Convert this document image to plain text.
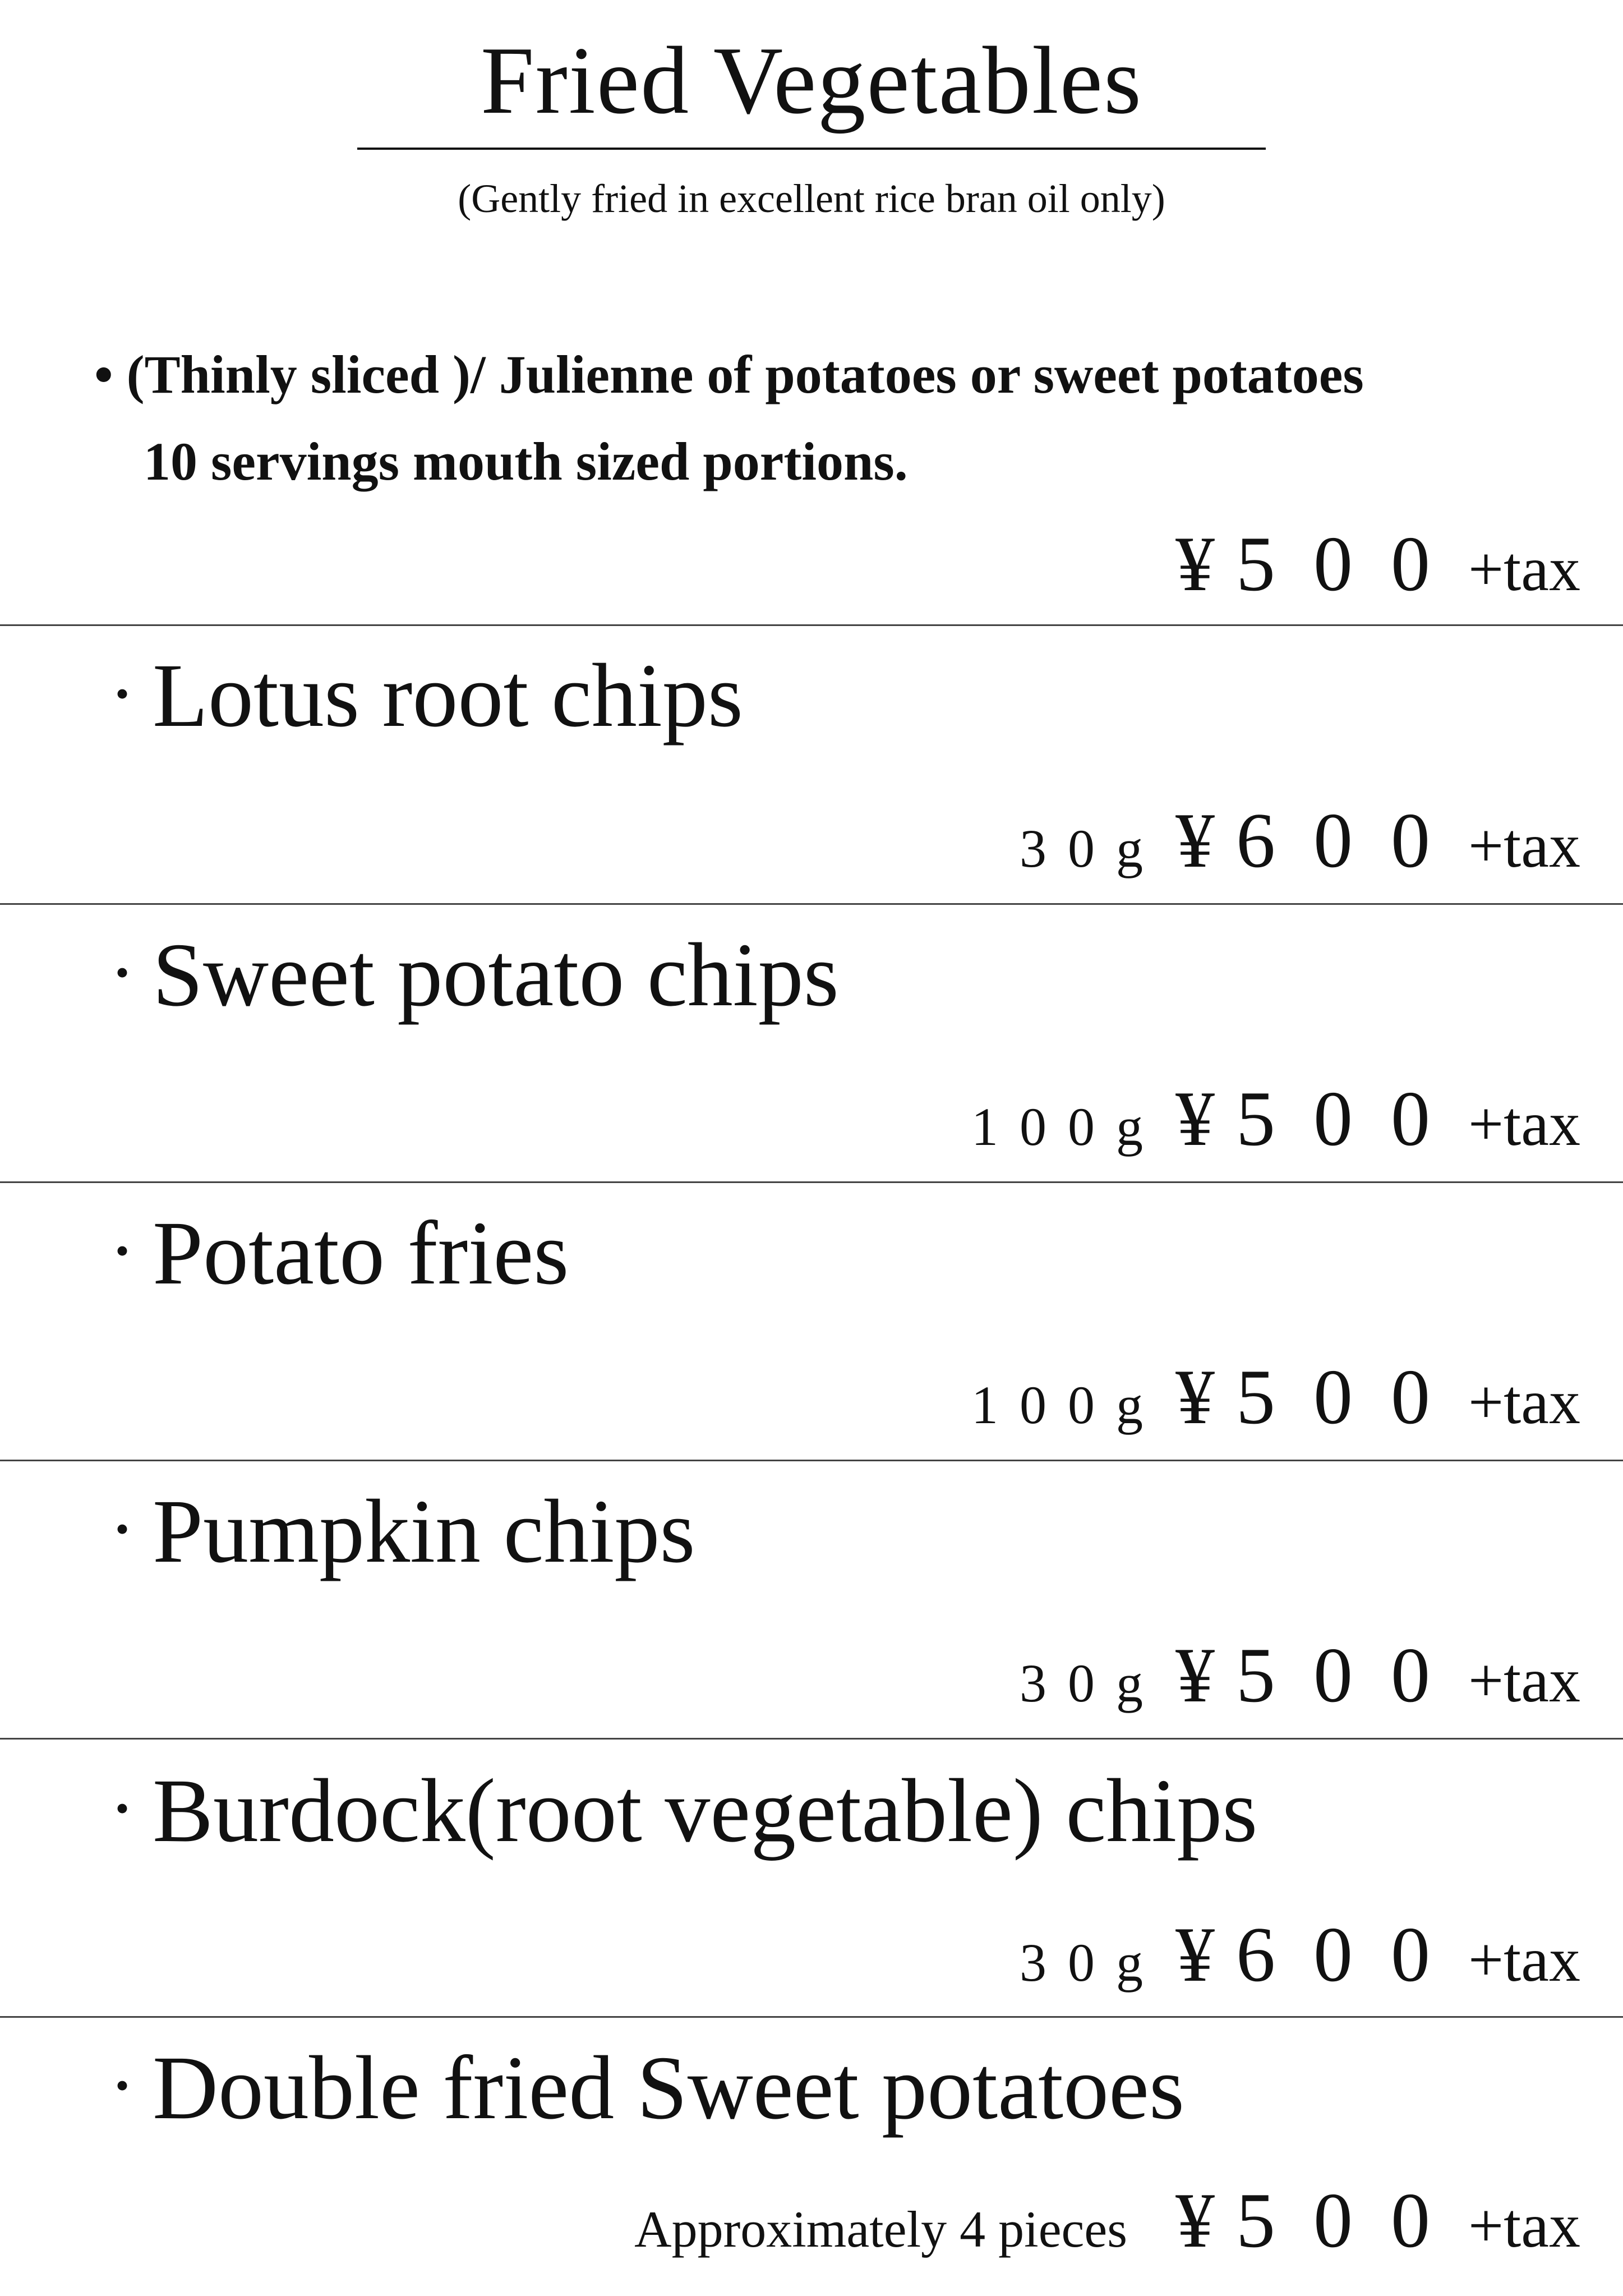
Fried Vegetables
(Gently fried in excellent rice bran oil only)
• (Thinly sliced )/ Julienne of potatoes or sweet potatoes
10 servings mouth sized portions.
¥ 500 +tax
・ Lotus root chips
30g ¥ 600 +tax
・ Sweet potato chips
100g ¥ 500 +tax
・ Potato fries
100g ¥ 500 +tax
・ Pumpkin chips
30g ¥ 500 +tax
・ Burdock(root vegetable) chips
30g ¥ 600 +tax
・ Double fried Sweet potatoes
Approximately 4 pieces ¥ 500 +tax
